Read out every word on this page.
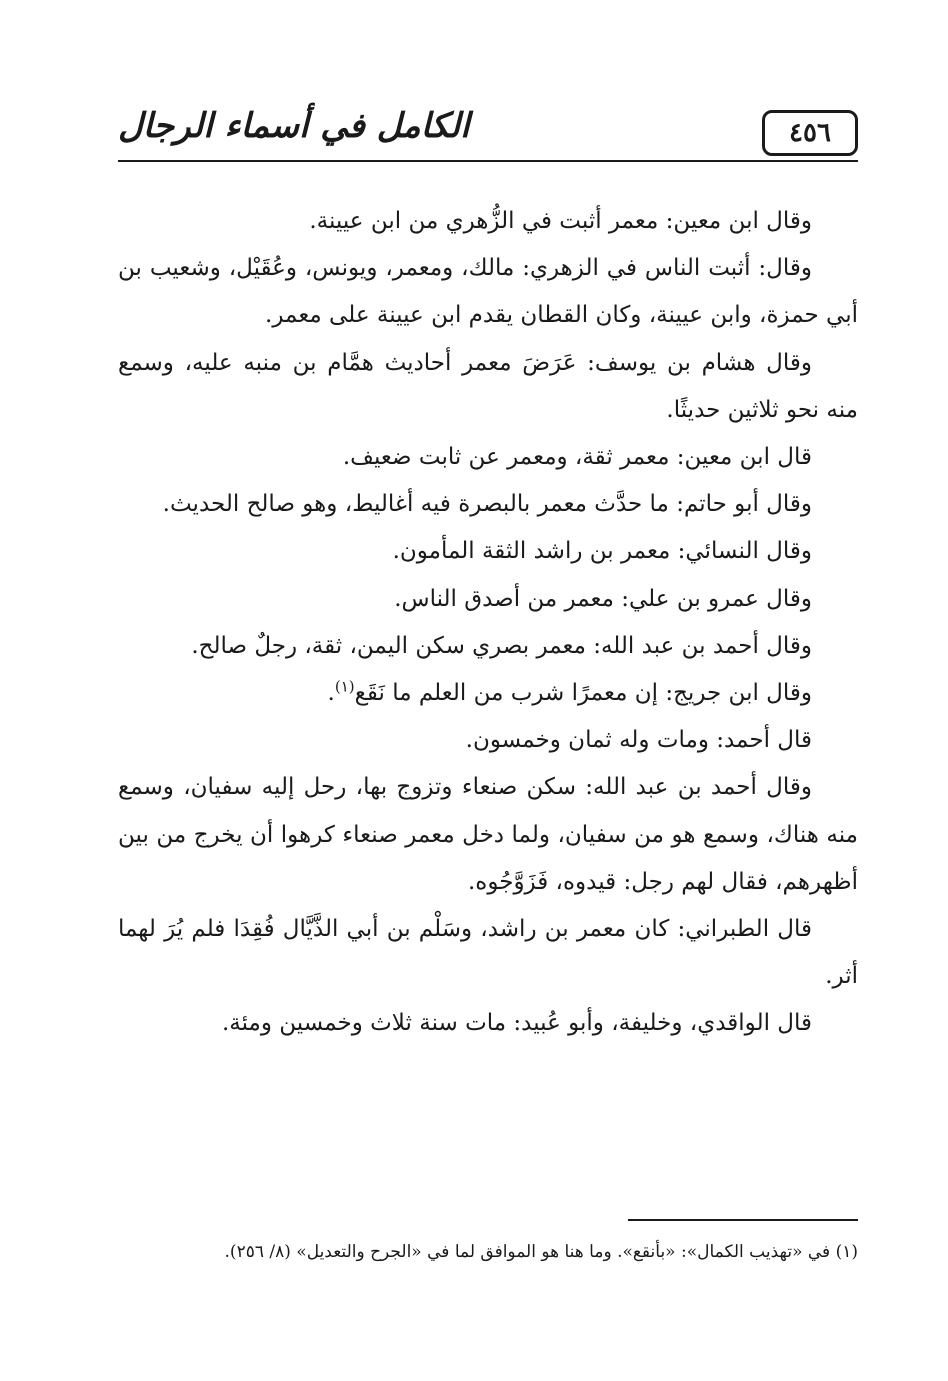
٤٥٦
الكامل في أسماء الرجال

وقال ابن معين: معمر أثبت في الزُّهري من ابن عيينة.

وقال: أثبت الناس في الزهري: مالك، ومعمر، ويونس، وعُقَيْل، وشعيب بن أبي حمزة، وابن عيينة، وكان القطان يقدم ابن عيينة على معمر.

وقال هشام بن يوسف: عَرَضَ معمر أحاديث همَّام بن منبه عليه، وسمع منه نحو ثلاثين حديثًا.

قال ابن معين: معمر ثقة، ومعمر عن ثابت ضعيف.

وقال أبو حاتم: ما حدَّث معمر بالبصرة فيه أغاليط، وهو صالح الحديث.

وقال النسائي: معمر بن راشد الثقة المأمون.

وقال عمرو بن علي: معمر من أصدق الناس.

وقال أحمد بن عبد الله: معمر بصري سكن اليمن، ثقة، رجلٌ صالح.

وقال ابن جريج: إن معمرًا شرب من العلم ما نَقَع$^{(١)}$.

قال أحمد: ومات وله ثمان وخمسون.

وقال أحمد بن عبد الله: سكن صنعاء وتزوج بها، رحل إليه سفيان، وسمع منه هناك، وسمع هو من سفيان، ولما دخل معمر صنعاء كرهوا أن يخرج من بين أظهرهم، فقال لهم رجل: قيدوه، فَزَوَّجُوه.

قال الطبراني: كان معمر بن راشد، وسَلْم بن أبي الذَّيَّال فُقِدَا فلم يُرَ لهما أثر.

قال الواقدي، وخليفة، وأبو عُبيد: مات سنة ثلاث وخمسين ومئة.

(١) في «تهذيب الكمال»: «بأنقع». وما هنا هو الموافق لما في «الجرح والتعديل» (٨/ ٢٥٦).
